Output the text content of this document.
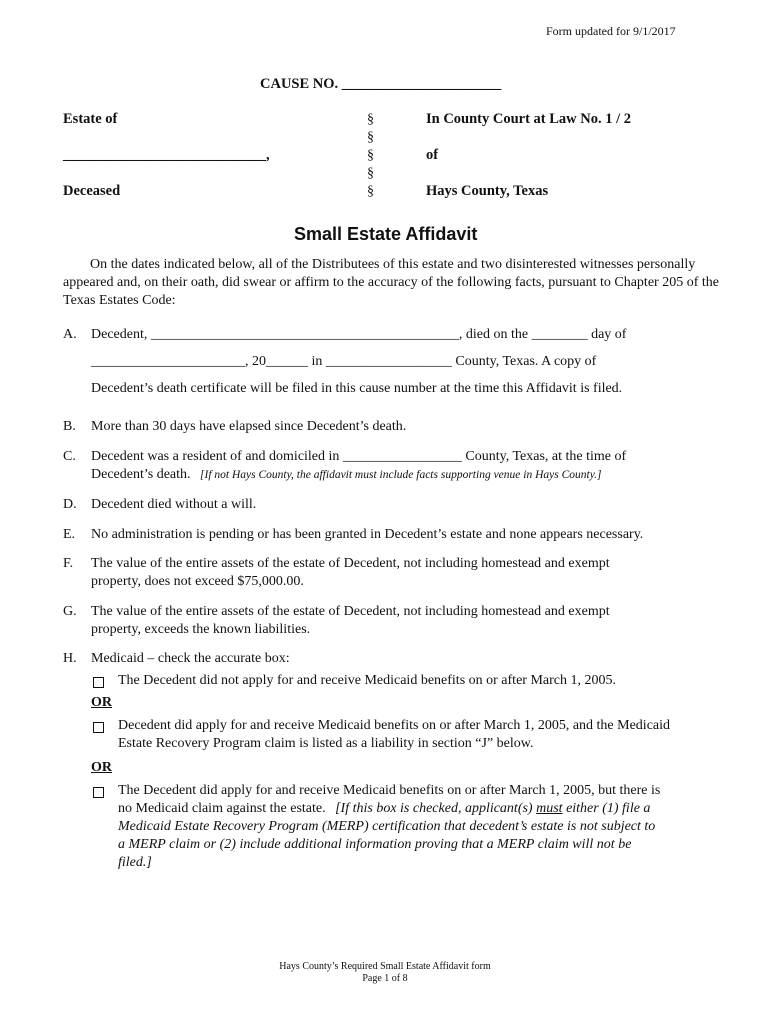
Form updated for 9/1/2017
CAUSE NO. ______________________
Estate of
____________________________,
Deceased
§
§
§
§
§
In County Court at Law No. 1 / 2
of
Hays County, Texas
Small Estate Affidavit
On the dates indicated below, all of the Distributees of this estate and two disinterested witnesses personally appeared and, on their oath, did swear or affirm to the accuracy of the following facts, pursuant to Chapter 205 of the Texas Estates Code:
A. Decedent, ____________________________________________, died on the ________ day of
______________________, 20______ in __________________ County, Texas. A copy of
Decedent’s death certificate will be filed in this cause number at the time this Affidavit is filed.
B. More than 30 days have elapsed since Decedent’s death.
C. Decedent was a resident of and domiciled in _________________ County, Texas, at the time of
Decedent’s death. [If not Hays County, the affidavit must include facts supporting venue in Hays County.]
D. Decedent died without a will.
E. No administration is pending or has been granted in Decedent’s estate and none appears necessary.
F. The value of the entire assets of the estate of Decedent, not including homestead and exempt
property, does not exceed $75,000.00.
G. The value of the entire assets of the estate of Decedent, not including homestead and exempt
property, exceeds the known liabilities.
H. Medicaid – check the accurate box:
The Decedent did not apply for and receive Medicaid benefits on or after March 1, 2005.
OR
Decedent did apply for and receive Medicaid benefits on or after March 1, 2005, and the Medicaid
Estate Recovery Program claim is listed as a liability in section “J” below.
OR
The Decedent did apply for and receive Medicaid benefits on or after March 1, 2005, but there is
no Medicaid claim against the estate. [If this box is checked, applicant(s) must either (1) file a
Medicaid Estate Recovery Program (MERP) certification that decedent’s estate is not subject to
a MERP claim or (2) include additional information proving that a MERP claim will not be
filed.]
Hays County’s Required Small Estate Affidavit form
Page 1 of 8
